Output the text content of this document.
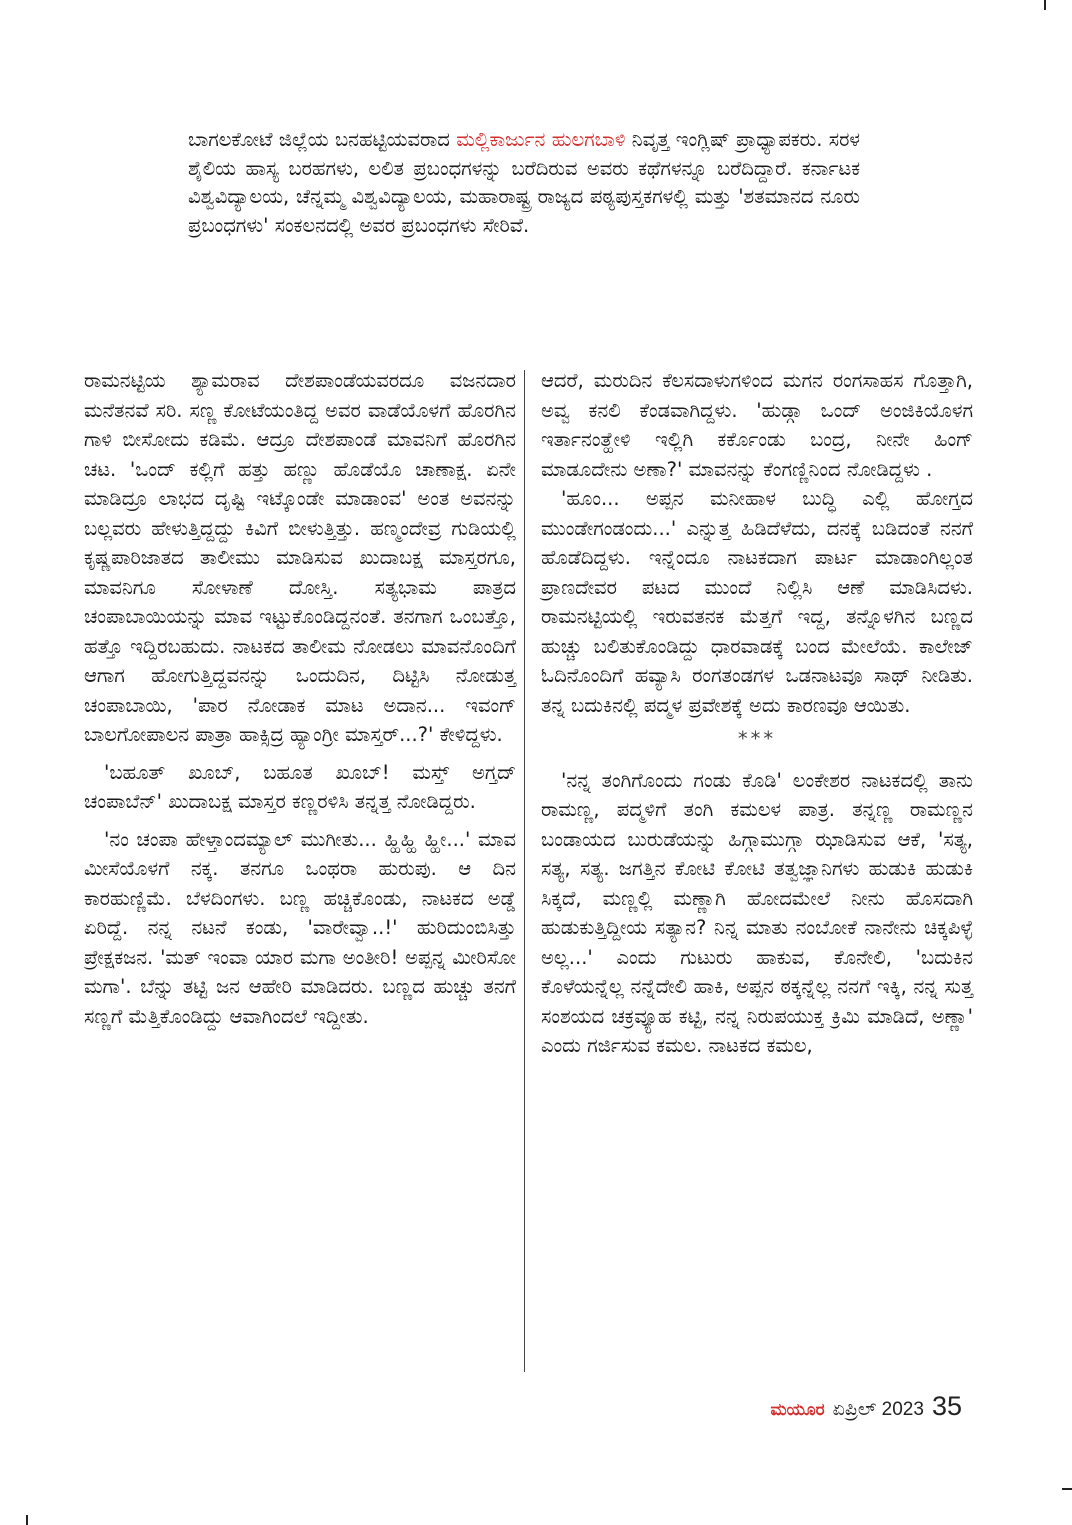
ಬಾಗಲಕೋಟೆ ಜಿಲ್ಲೆಯ ಬನಹಟ್ಟಿಯವರಾದ ಮಲ್ಲಿಕಾರ್ಜುನ ಹುಲಗಬಾಳಿ ನಿವೃತ್ತ ಇಂಗ್ಲಿಷ್ ಪ್ರಾಧ್ಯಾಪಕರು. ಸರಳ ಶೈಲಿಯ ಹಾಸ್ಯ ಬರಹಗಳು, ಲಲಿತ ಪ್ರಬಂಧಗಳನ್ನು ಬರೆದಿರುವ ಅವರು ಕಥೆಗಳನ್ನೂ ಬರೆದಿದ್ದಾರೆ. ಕರ್ನಾಟಕ ವಿಶ್ವವಿದ್ಯಾಲಯ, ಚೆನ್ನಮ್ಮ ವಿಶ್ವವಿದ್ಯಾಲಯ, ಮಹಾರಾಷ್ಟ್ರ ರಾಜ್ಯದ ಪಠ್ಯಪುಸ್ತಕಗಳಲ್ಲಿ ಮತ್ತು 'ಶತಮಾನದ ನೂರು ಪ್ರಬಂಧಗಳು' ಸಂಕಲನದಲ್ಲಿ ಅವರ ಪ್ರಬಂಧಗಳು ಸೇರಿವೆ.

ರಾಮನಟ್ಟಿಯ ಶ್ಯಾಮರಾವ ದೇಶಪಾಂಡೆಯವರದೂ ವಜನದಾರ ಮನೆತನವೆ ಸರಿ. ಸಣ್ಣ ಕೋಟೆಯಂತಿದ್ದ ಅವರ ವಾಡೆಯೊಳಗೆ ಹೊರಗಿನ ಗಾಳಿ ಬೀಸೋದು ಕಡಿಮೆ. ಆದ್ರೂ ದೇಶಪಾಂಡೆ ಮಾವನಿಗೆ ಹೊರಗಿನ ಚಟ. 'ಒಂದ್ ಕಲ್ಲಿಗೆ ಹತ್ತು ಹಣ್ಣು ಹೊಡೆಯೊ ಚಾಣಾಕ್ಷ. ಏನೇ ಮಾಡಿದ್ರೂ ಲಾಭದ ದೃಷ್ಟಿ ಇಟ್ಕೊಂಡೇ ಮಾಡಾಂವ' ಅಂತ ಅವನನ್ನು ಬಲ್ಲವರು ಹೇಳುತ್ತಿದ್ದದ್ದು ಕಿವಿಗೆ ಬೀಳುತ್ತಿತ್ತು. ಹಣ್ಮಂದೇವ್ರ ಗುಡಿಯಲ್ಲಿ ಕೃಷ್ಣಪಾರಿಜಾತದ ತಾಲೀಮು ಮಾಡಿಸುವ ಖುದಾಬಕ್ಷ ಮಾಸ್ತರಗೂ, ಮಾವನಿಗೂ ಸೋಳಾಣೆ ದೋಸ್ತಿ. ಸತ್ಯಭಾಮ ಪಾತ್ರದ ಚಂಪಾಬಾಯಿಯನ್ನು ಮಾವ ಇಟ್ಟುಕೊಂಡಿದ್ದನಂತೆ. ತನಗಾಗ ಒಂಬತ್ತೊ, ಹತ್ತೊ ಇದ್ದಿರಬಹುದು. ನಾಟಕದ ತಾಲೀಮ ನೋಡಲು ಮಾವನೊಂದಿಗೆ ಆಗಾಗ ಹೋಗುತ್ತಿದ್ದವನನ್ನು ಒಂದುದಿನ, ದಿಟ್ಟಿಸಿ ನೋಡುತ್ತ ಚಂಪಾಬಾಯಿ, 'ಪಾರ ನೋಡಾಕ ಮಾಟ ಅದಾನ... ಇವಂಗ್ ಬಾಲಗೋಪಾಲನ ಪಾತ್ರಾ ಹಾಕ್ಸಿದ್ರ ಹ್ಯಾಂಗ್ರೀ ಮಾಸ್ತರ್...?' ಕೇಳಿದ್ದಳು.

'ಬಹೂತ್ ಖೂಬ್, ಬಹೂತ ಖೂಬ್! ಮಸ್ತ್ ಅಗ್ತದ್ ಚಂಪಾಬೆನ್' ಖುದಾಬಕ್ಷ ಮಾಸ್ತರ ಕಣ್ಣರಳಿಸಿ ತನ್ನತ್ತ ನೋಡಿದ್ದರು.

'ನಂ ಚಂಪಾ ಹೇಳ್ತಾಂದಮ್ಯಾಲ್ ಮುಗೀತು... ಹ್ಹಿಹ್ಹಿ ಹ್ಹೀ...' ಮಾವ ಮೀಸೆಯೊಳಗೆ ನಕ್ಕ. ತನಗೂ ಒಂಥರಾ ಹುರುಪು. ಆ ದಿನ ಕಾರಹುಣ್ಣಿಮೆ. ಬೆಳದಿಂಗಳು. ಬಣ್ಣ ಹಚ್ಚಿಕೊಂಡು, ನಾಟಕದ ಅಡ್ಡೆ ಏರಿದ್ದೆ. ನನ್ನ ನಟನೆ ಕಂಡು, 'ವಾರೇವ್ವಾ..!' ಹುರಿದುಂಬಿಸಿತ್ತು ಪ್ರೇಕ್ಷಕಜನ. 'ಮತ್ ಇಂವಾ ಯಾರ ಮಗಾ ಅಂತೀರಿ! ಅಪ್ಪನ್ನ ಮೀರಿಸೋ ಮಗಾ'. ಬೆನ್ನು ತಟ್ಟಿ ಜನ ಆಹೇರಿ ಮಾಡಿದರು. ಬಣ್ಣದ ಹುಚ್ಚು ತನಗೆ ಸಣ್ಣಗೆ ಮೆತ್ತಿಕೊಂಡಿದ್ದು ಆವಾಗಿಂದಲೆ ಇದ್ದೀತು.

ಆದರೆ, ಮರುದಿನ ಕೆಲಸದಾಳುಗಳಿಂದ ಮಗನ ರಂಗಸಾಹಸ ಗೊತ್ತಾಗಿ, ಅವ್ವ ಕನಲಿ ಕೆಂಡವಾಗಿದ್ದಳು. 'ಹುಡ್ಗಾ ಒಂದ್ ಅಂಜಿಕಿಯೊಳಗ ಇರ್ತಾನಂತ್ಹೇಳಿ ಇಲ್ಲಿಗಿ ಕರ್ಕೊಂಡು ಬಂದ್ರ, ನೀನೇ ಹಿಂಗ್ ಮಾಡೂದೇನು ಅಣಾ?' ಮಾವನನ್ನು ಕೆಂಗಣ್ಣಿನಿಂದ ನೋಡಿದ್ದಳು .

'ಹೂಂ... ಅಪ್ಪನ ಮನೀಹಾಳ ಬುದ್ಧಿ ಎಲ್ಲಿ ಹೋಗ್ತದ ಮುಂಡೇಗಂಡಂದು...' ಎನ್ನುತ್ತ ಹಿಡಿದೆಳೆದು, ದನಕ್ಕೆ ಬಡಿದಂತೆ ನನಗೆ ಹೊಡೆದಿದ್ದಳು. ಇನ್ನೆಂದೂ ನಾಟಕದಾಗ ಪಾರ್ಟ ಮಾಡಾಂಗಿಲ್ಲಂತ ಪ್ರಾಣದೇವರ ಪಟದ ಮುಂದೆ ನಿಲ್ಲಿಸಿ ಆಣೆ ಮಾಡಿಸಿದಳು. ರಾಮನಟ್ಟಿಯಲ್ಲಿ ಇರುವತನಕ ಮೆತ್ತಗೆ ಇದ್ದ, ತನ್ನೊಳಗಿನ ಬಣ್ಣದ ಹುಚ್ಚು ಬಲಿತುಕೊಂಡಿದ್ದು ಧಾರವಾಡಕ್ಕೆ ಬಂದ ಮೇಲೆಯೆ. ಕಾಲೇಜ್ ಓದಿನೊಂದಿಗೆ ಹವ್ಯಾಸಿ ರಂಗತಂಡಗಳ ಒಡನಾಟವೂ ಸಾಥ್ ನೀಡಿತು. ತನ್ನ ಬದುಕಿನಲ್ಲಿ ಪದ್ಮಳ ಪ್ರವೇಶಕ್ಕೆ ಅದು ಕಾರಣವೂ ಆಯಿತು.

***

'ನನ್ನ ತಂಗಿಗೊಂದು ಗಂಡು ಕೊಡಿ' ಲಂಕೇಶರ ನಾಟಕದಲ್ಲಿ ತಾನು ರಾಮಣ್ಣ, ಪದ್ಮಳಿಗೆ ತಂಗಿ ಕಮಲಳ ಪಾತ್ರ. ತನ್ನಣ್ಣ ರಾಮಣ್ಣನ ಬಂಡಾಯದ ಬುರುಡೆಯನ್ನು ಹಿಗ್ಗಾಮುಗ್ಗಾ ಝಾಡಿಸುವ ಆಕೆ, 'ಸತ್ಯ, ಸತ್ಯ, ಸತ್ಯ. ಜಗತ್ತಿನ ಕೋಟಿ ಕೋಟಿ ತತ್ವಜ್ಞಾನಿಗಳು ಹುಡುಕಿ ಹುಡುಕಿ ಸಿಕ್ಕದೆ, ಮಣ್ಣಲ್ಲಿ ಮಣ್ಣಾಗಿ ಹೋದಮೇಲೆ ನೀನು ಹೊಸದಾಗಿ ಹುಡುಕುತ್ತಿದ್ದೀಯ ಸತ್ಯಾನ? ನಿನ್ನ ಮಾತು ನಂಬೋಕೆ ನಾನೇನು ಚಿಕ್ಕಪಿಳ್ಳೆ ಅಲ್ಲ...' ಎಂದು ಗುಟುರು ಹಾಕುವ, ಕೊನೇಲಿ, 'ಬದುಕಿನ ಕೊಳೆಯನ್ನೆಲ್ಲ ನನ್ನೆದೇಲಿ ಹಾಕಿ, ಅಪ್ಪನ ಠಕ್ಕನ್ನೆಲ್ಲ ನನಗೆ ಇಕ್ಕಿ, ನನ್ನ ಸುತ್ತ ಸಂಶಯದ ಚಕ್ರವ್ಯೂಹ ಕಟ್ಟಿ, ನನ್ನ ನಿರುಪಯುಕ್ತ ಕ್ರಿಮಿ ಮಾಡಿದೆ, ಅಣ್ಣಾ' ಎಂದು ಗರ್ಜಿಸುವ ಕಮಲ. ನಾಟಕದ ಕಮಲ,

ಮಯೂರ ಏಪ್ರಿಲ್ 2023 35
